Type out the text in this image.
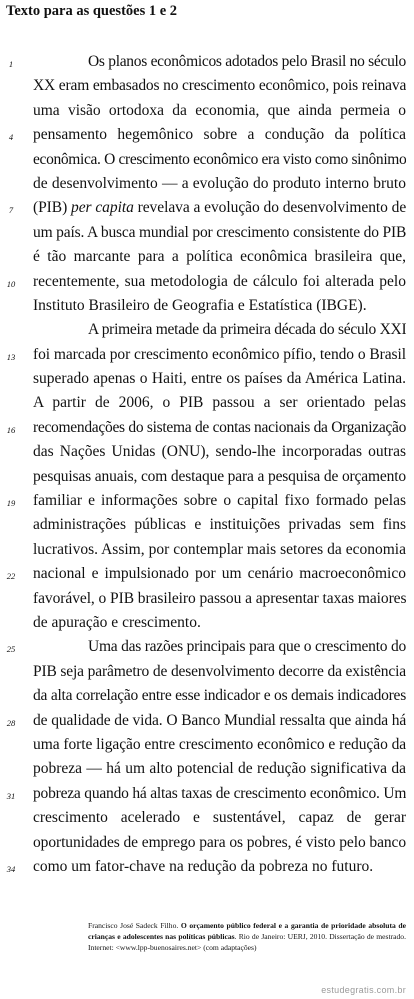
Texto para as questões 1 e 2
1	Os planos econômicos adotados pelo Brasil no século
XX eram embasados no crescimento econômico, pois reinava
uma visão ortodoxa da economia, que ainda permeia o
4	pensamento hegemônico sobre a condução da política
econômica. O crescimento econômico era visto como sinônimo
de desenvolvimento — a evolução do produto interno bruto
7	(PIB) per capita revelava a evolução do desenvolvimento de
um país. A busca mundial por crescimento consistente do PIB
é tão marcante para a política econômica brasileira que,
10	recentemente, sua metodologia de cálculo foi alterada pelo
Instituto Brasileiro de Geografia e Estatística (IBGE).
A primeira metade da primeira década do século XXI
13	foi marcada por crescimento econômico pífio, tendo o Brasil
superado apenas o Haiti, entre os países da América Latina.
A partir de 2006, o PIB passou a ser orientado pelas
16	recomendações do sistema de contas nacionais da Organização
das Nações Unidas (ONU), sendo-lhe incorporadas outras
pesquisas anuais, com destaque para a pesquisa de orçamento
19	familiar e informações sobre o capital fixo formado pelas
administrações públicas e instituições privadas sem fins
lucrativos. Assim, por contemplar mais setores da economia
22	nacional e impulsionado por um cenário macroeconômico
favorável, o PIB brasileiro passou a apresentar taxas maiores
de apuração e crescimento.
25	Uma das razões principais para que o crescimento do
PIB seja parâmetro de desenvolvimento decorre da existência
da alta correlação entre esse indicador e os demais indicadores
28	de qualidade de vida. O Banco Mundial ressalta que ainda há
uma forte ligação entre crescimento econômico e redução da
pobreza — há um alto potencial de redução significativa da
31	pobreza quando há altas taxas de crescimento econômico. Um
crescimento acelerado e sustentável, capaz de gerar
oportunidades de emprego para os pobres, é visto pelo banco
34	como um fator-chave na redução da pobreza no futuro.
Francisco José Sadeck Filho. O orçamento público federal e a garantia de prioridade absoluta de crianças e adolescentes nas políticas públicas. Rio de Janeiro: UERJ, 2010. Dissertação de mestrado. Internet: <www.lpp-buenosaires.net> (com adaptações)
estudegratis.com.br
